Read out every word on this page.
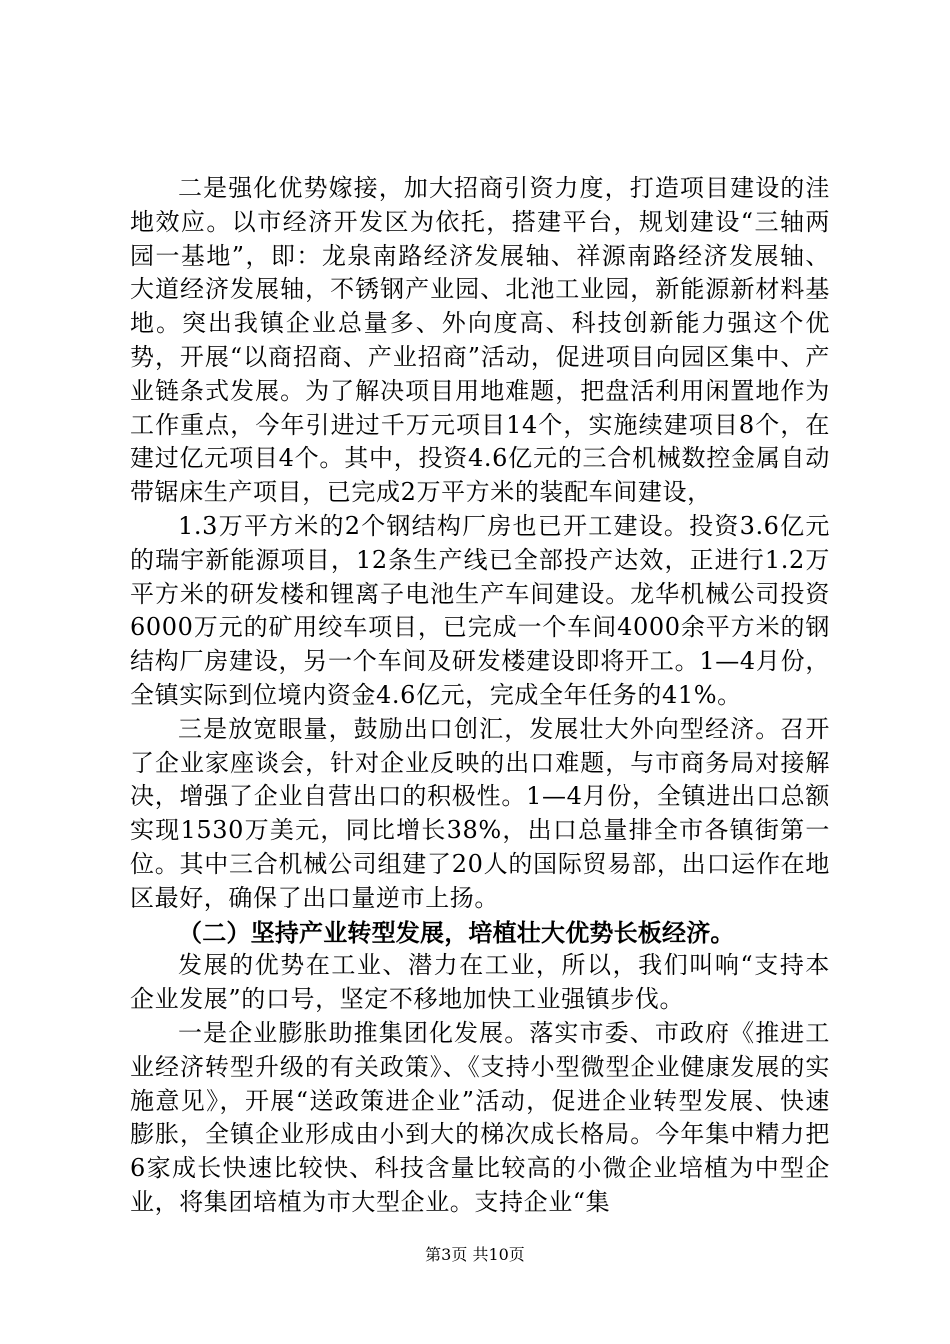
二是强化优势嫁接，加大招商引资力度，打造项目建设的洼地效应。以市经济开发区为依托，搭建平台，规划建设“三轴两园一基地”，即：龙泉南路经济发展轴、祥源南路经济发展轴、大道经济发展轴，不锈钢产业园、北池工业园，新能源新材料基地。突出我镇企业总量多、外向度高、科技创新能力强这个优势，开展“以商招商、产业招商”活动，促进项目向园区集中、产业链条式发展。为了解决项目用地难题，把盘活利用闲置地作为工作重点，今年引进过千万元项目14个，实施续建项目8个，在建过亿元项目4个。其中，投资4.6亿元的三合机械数控金属自动带锯床生产项目，已完成2万平方米的装配车间建设，

1.3万平方米的2个钢结构厂房也已开工建设。投资3.6亿元的瑞宇新能源项目，12条生产线已全部投产达效，正进行1.2万平方米的研发楼和锂离子电池生产车间建设。龙华机械公司投资6000万元的矿用绞车项目，已完成一个车间4000余平方米的钢结构厂房建设，另一个车间及研发楼建设即将开工。1—4月份，全镇实际到位境内资金4.6亿元，完成全年任务的41%。

三是放宽眼量，鼓励出口创汇，发展壮大外向型经济。召开了企业家座谈会，针对企业反映的出口难题，与市商务局对接解决，增强了企业自营出口的积极性。1—4月份，全镇进出口总额实现1530万美元，同比增长38%，出口总量排全市各镇街第一位。其中三合机械公司组建了20人的国际贸易部，出口运作在地区最好，确保了出口量逆市上扬。

（二）坚持产业转型发展，培植壮大优势长板经济。

发展的优势在工业、潜力在工业，所以，我们叫响“支持本企业发展”的口号，坚定不移地加快工业强镇步伐。

一是企业膨胀助推集团化发展。落实市委、市政府《推进工业经济转型升级的有关政策》、《支持小型微型企业健康发展的实施意见》，开展“送政策进企业”活动，促进企业转型发展、快速膨胀，全镇企业形成由小到大的梯次成长格局。今年集中精力把6家成长快速比较快、科技含量比较高的小微企业培植为中型企业，将集团培植为市大型企业。支持企业“集

第3页 共10页
